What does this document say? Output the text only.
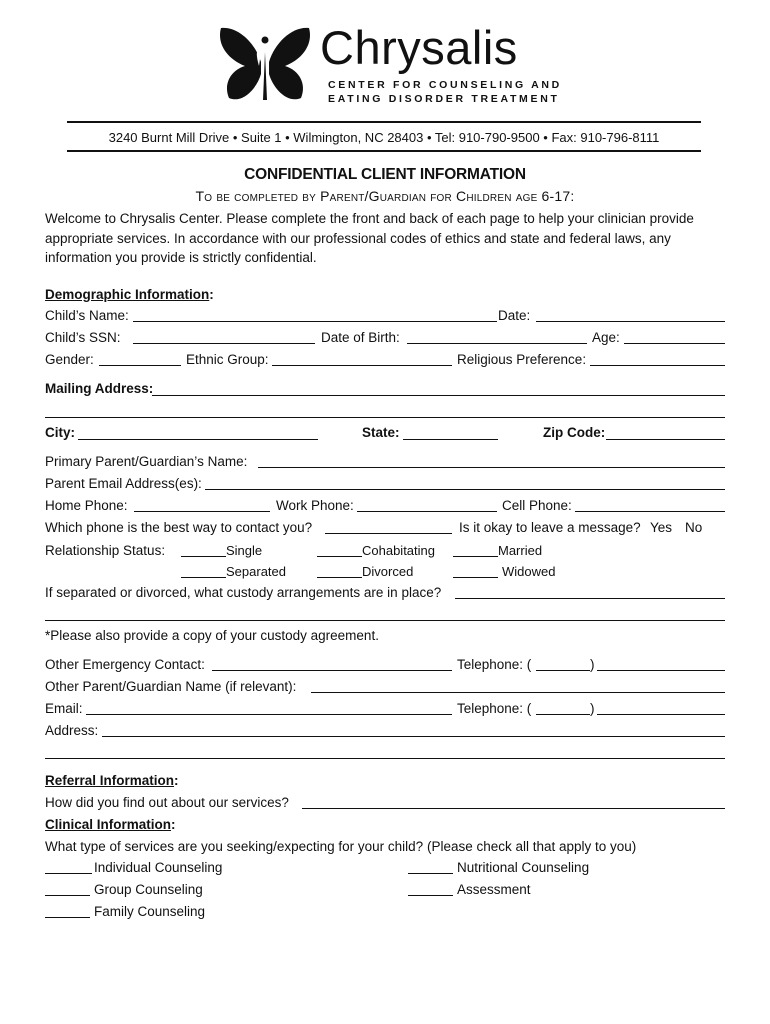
Chrysalis
CENTER FOR COUNSELING AND
EATING DISORDER TREATMENT
3240 Burnt Mill Drive • Suite 1 • Wilmington, NC 28403 • Tel: 910-790-9500 • Fax: 910-796-8111
CONFIDENTIAL CLIENT INFORMATION
To be completed by Parent/Guardian for Children age 6-17:
Welcome to Chrysalis Center. Please complete the front and back of each page to help your clinician provide appropriate services. In accordance with our professional codes of ethics and state and federal laws, any information you provide is strictly confidential.
Demographic Information:
Child’s Name:	Date:
Child’s SSN:	Date of Birth:	Age:
Gender:	Ethnic Group:	Religious Preference:
Mailing Address:
City:	State:	Zip Code:
Primary Parent/Guardian’s Name:
Parent Email Address(es):
Home Phone:	Work Phone:	Cell Phone:
Which phone is the best way to contact you?	Is it okay to leave a message? Yes No
Relationship Status:	Single	Cohabitating	Married
Separated	Divorced	Widowed
If separated or divorced, what custody arrangements are in place?
*Please also provide a copy of your custody agreement.
Other Emergency Contact:	Telephone: (	)
Other Parent/Guardian Name (if relevant):
Email:	Telephone: (	)
Address:
Referral Information:
How did you find out about our services?
Clinical Information:
What type of services are you seeking/expecting for your child? (Please check all that apply to you)
Individual Counseling	Nutritional Counseling
Group Counseling	Assessment
Family Counseling
